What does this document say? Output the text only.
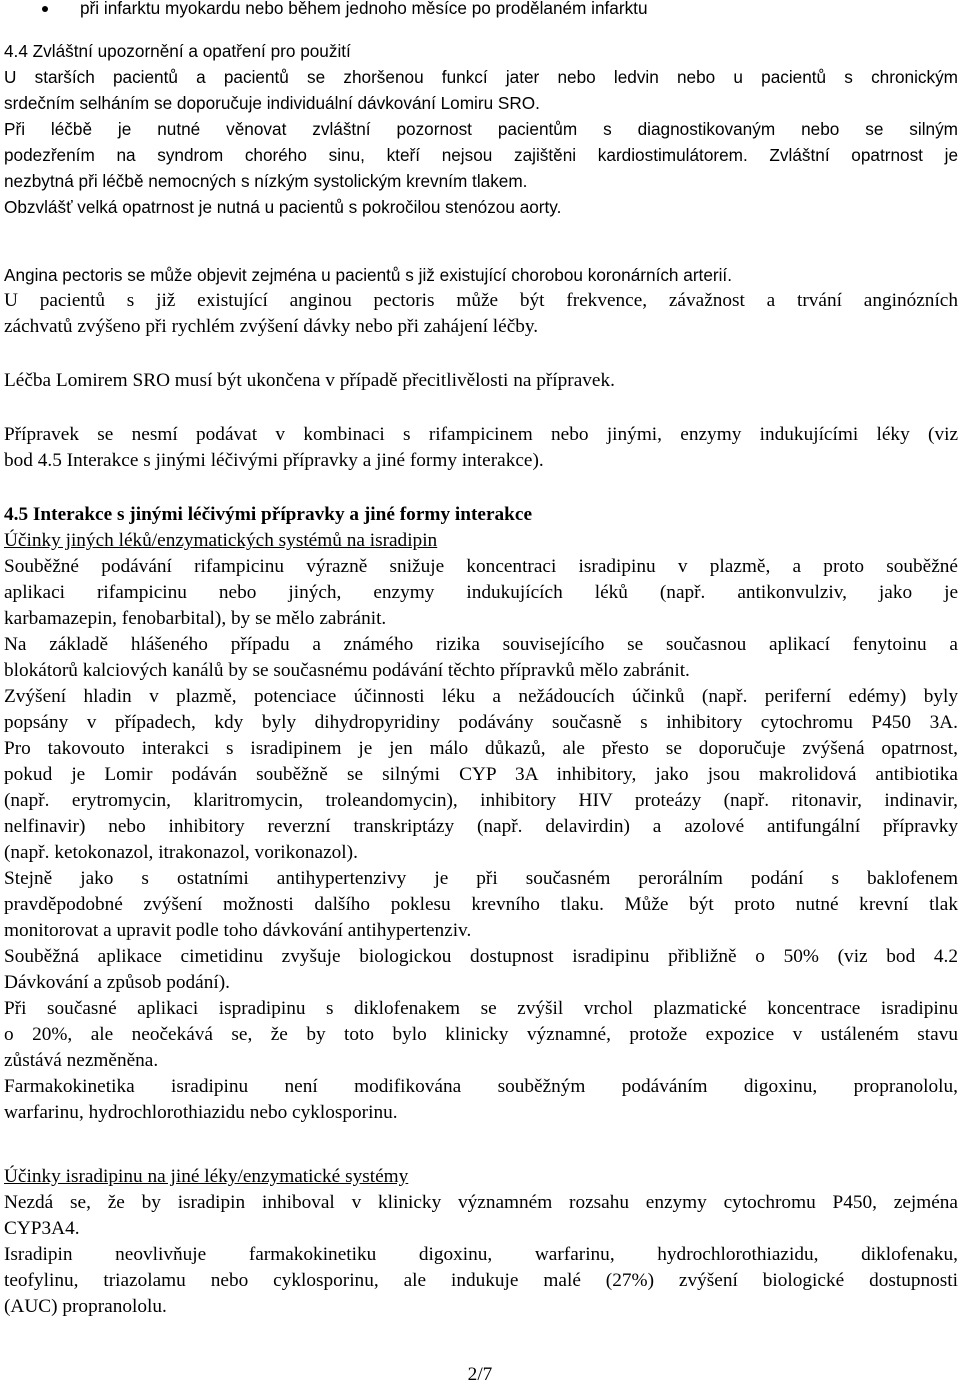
při infarktu myokardu nebo během jednoho měsíce po prodělaném infarktu
4.4 Zvláštní upozornění a opatření pro použití
U starších pacientů a pacientů se zhoršenou funkcí jater nebo ledvin nebo u pacientů s chronickým
srdečním selháním se doporučuje individuální dávkování Lomiru SRO.
Při léčbě je nutné věnovat zvláštní pozornost pacientům s diagnostikovaným nebo se silným
podezřením na syndrom chorého sinu, kteří nejsou zajištěni kardiostimulátorem. Zvláštní opatrnost je
nezbytná při léčbě nemocných s nízkým systolickým krevním tlakem.
Obzvlášť velká opatrnost je nutná u pacientů s pokročilou stenózou aorty.
Angina pectoris se může objevit zejména u pacientů s již existující chorobou koronárních arterií.
U pacientů s již existující anginou pectoris může být frekvence, závažnost a trvání anginózních
záchvatů zvýšeno při rychlém zvýšení dávky nebo při zahájení léčby.
Léčba Lomirem SRO musí být ukončena v případě přecitlivělosti na přípravek.
Přípravek se nesmí podávat v kombinaci s rifampicinem nebo jinými, enzymy indukujícími léky (viz
bod 4.5 Interakce s jinými léčivými přípravky a jiné formy interakce).
4.5 Interakce s jinými léčivými přípravky a jiné formy interakce
Účinky jiných léků/enzymatických systémů na isradipin
Souběžné podávání rifampicinu výrazně snižuje koncentraci isradipinu v plazmě, a proto souběžné
aplikaci rifampicinu nebo jiných, enzymy indukujících léků (např. antikonvulziv, jako je
karbamazepin, fenobarbital), by se mělo zabránit.
Na základě hlášeného případu a známého rizika souvisejícího se současnou aplikací fenytoinu a
blokátorů kalciových kanálů by se současnému podávání těchto přípravků mělo zabránit.
Zvýšení hladin v plazmě, potenciace účinnosti léku a nežádoucích účinků (např. periferní edémy) byly
popsány v případech, kdy byly dihydropyridiny podávány současně s inhibitory cytochromu P450 3A.
Pro takovouto interakci s isradipinem je jen málo důkazů, ale přesto se doporučuje zvýšená opatrnost,
pokud je Lomir podáván souběžně se silnými CYP 3A inhibitory, jako jsou makrolidová antibiotika
(např. erytromycin, klaritromycin, troleandomycin), inhibitory HIV proteázy (např. ritonavir, indinavir,
nelfinavir) nebo inhibitory reverzní transkriptázy (např. delavirdin) a azolové antifungální přípravky
(např. ketokonazol, itrakonazol, vorikonazol).
Stejně jako s ostatními antihypertenzivy je při současném perorálním podání s baklofenem
pravděpodobné zvýšení možnosti dalšího poklesu krevního tlaku. Může být proto nutné krevní tlak
monitorovat a upravit podle toho dávkování antihypertenziv.
Souběžná aplikace cimetidinu zvyšuje biologickou dostupnost isradipinu přibližně o 50% (viz bod 4.2
Dávkování a způsob podání).
Při současné aplikaci ispradipinu s diklofenakem se zvýšil vrchol plazmatické koncentrace isradipinu
o 20%, ale neočekává se, že by toto bylo klinicky významné, protože expozice v ustáleném stavu
zůstává nezměněna.
Farmakokinetika isradipinu není modifikována souběžným podáváním digoxinu, propranololu,
warfarinu, hydrochlorothiazidu nebo cyklosporinu.
Účinky isradipinu na jiné léky/enzymatické systémy
Nezdá se, že by isradipin inhiboval v klinicky významném rozsahu enzymy cytochromu P450, zejména
CYP3A4.
Isradipin neovlivňuje farmakokinetiku digoxinu, warfarinu, hydrochlorothiazidu, diklofenaku,
teofylinu, triazolamu nebo cyklosporinu, ale indukuje malé (27%) zvýšení biologické dostupnosti
(AUC) propranololu.
2/7
